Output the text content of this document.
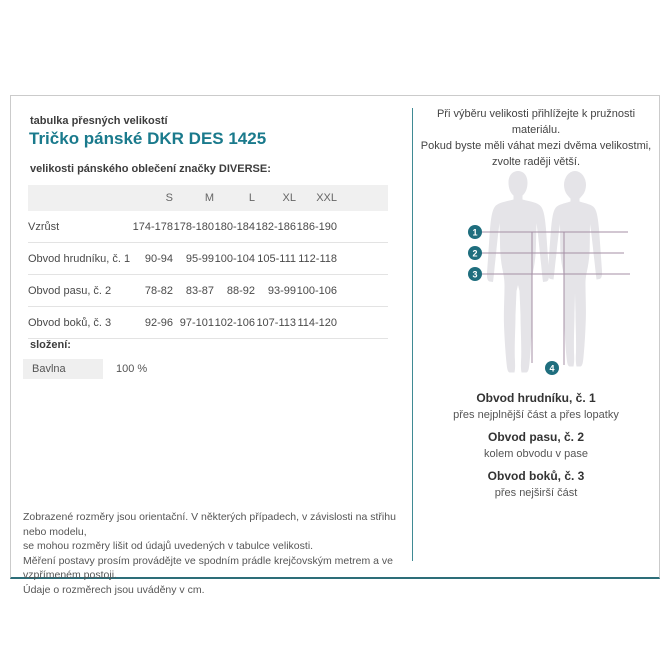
tabulka přesných velikostí
Tričko pánské DKR DES 1425
velikosti pánského oblečení značky DIVERSE:
	S	M	L	XL	XXL	
Vzrůst	174-178	178-180	180-184	182-186	186-190	
Obvod hrudníku, č. 1	90-94	95-99	100-104	105-111	112-118	
Obvod pasu, č. 2	78-82	83-87	88-92	93-99	100-106	
Obvod boků, č. 3	92-96	97-101	102-106	107-113	114-120	
složení:
Bavlna	100 %
Zobrazené rozměry jsou orientační. V některých případech, v závislosti na střihu nebo modelu,
se mohou rozměry lišit od údajů uvedených v tabulce velikosti.
Měření postavy prosím provádějte ve spodním prádle krejčovským metrem a ve vzpřímeném postoji.
Údaje o rozměrech jsou uváděny v cm.
Při výběru velikosti přihlížejte k pružnosti materiálu.
Pokud byste měli váhat mezi dvěma velikostmi,
zvolte raději větší.
1
2
3
4
Obvod hrudníku, č. 1
přes nejplnější část a přes lopatky
Obvod pasu, č. 2
kolem obvodu v pase
Obvod boků, č. 3
přes nejširší část
